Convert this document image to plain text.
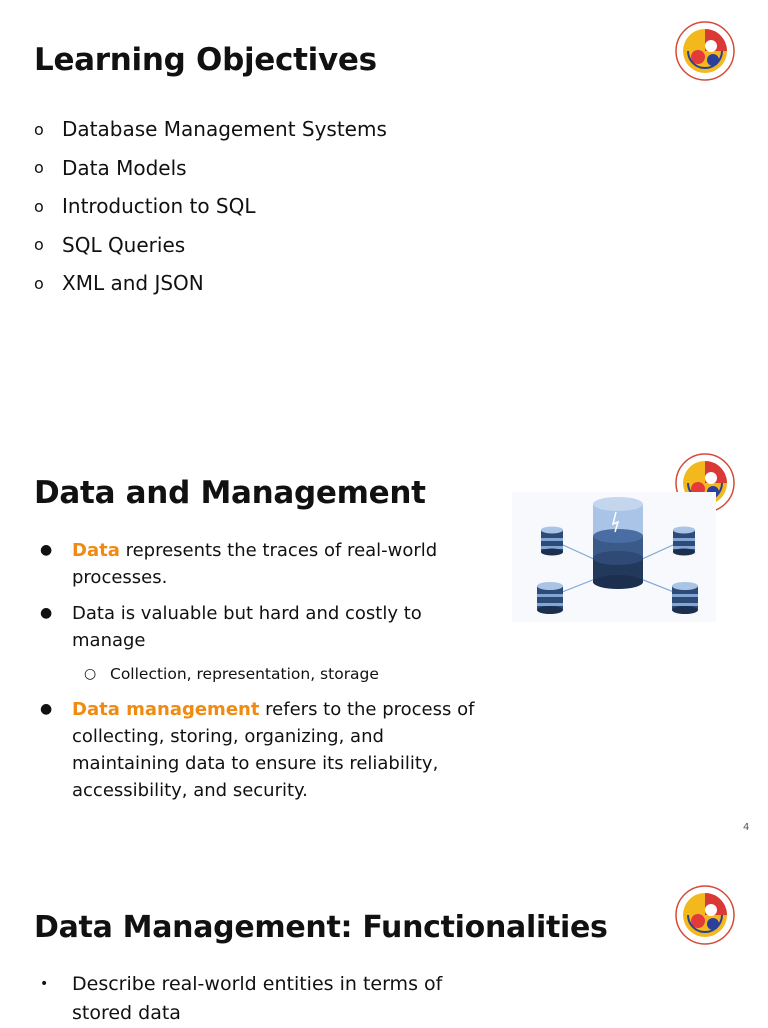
Learning Objectives
o Database Management Systems
o Data Models
o Introduction to SQL
o SQL Queries
o XML and JSON
Data and Management
●	Data represents the traces of real-world processes.
●	Data is valuable but hard and costly to manage
○ Collection, representation, storage
●	Data management refers to the process of collecting, storing, organizing, and maintaining data to ensure its reliability, accessibility, and security.
4
Data Management: Functionalities
•	Describe real-world entities in terms of stored data
